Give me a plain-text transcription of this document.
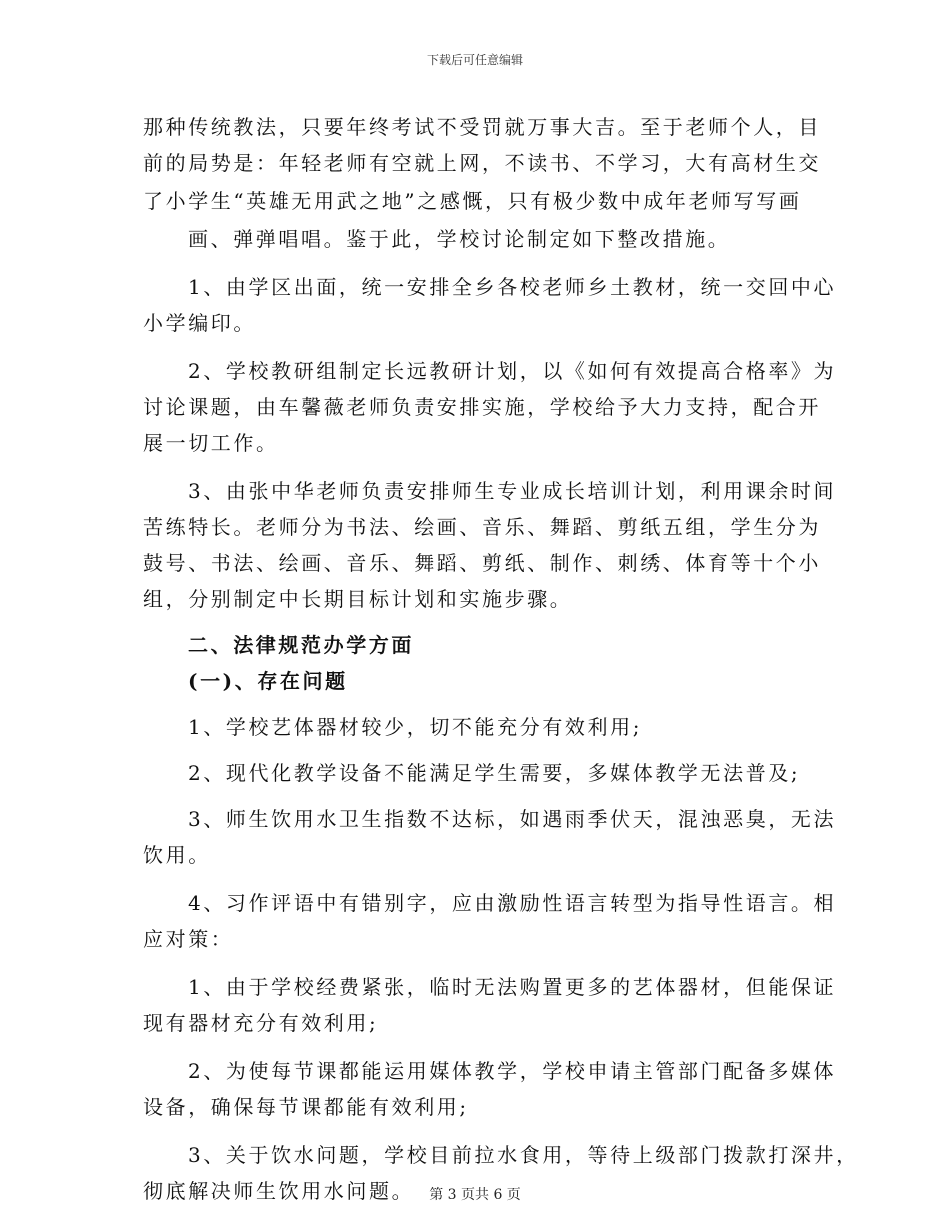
下载后可任意编辑
那种传统教法，只要年终考试不受罚就万事大吉。至于老师个人，目
前的局势是：年轻老师有空就上网，不读书、不学习，大有高材生交
了小学生“英雄无用武之地”之感慨，只有极少数中成年老师写写画
画、弹弹唱唱。鉴于此，学校讨论制定如下整改措施。
1、由学区出面，统一安排全乡各校老师乡土教材，统一交回中心
小学编印。
2、学校教研组制定长远教研计划，以《如何有效提高合格率》为
讨论课题，由车馨薇老师负责安排实施，学校给予大力支持，配合开
展一切工作。
3、由张中华老师负责安排师生专业成长培训计划，利用课余时间
苦练特长。老师分为书法、绘画、音乐、舞蹈、剪纸五组，学生分为
鼓号、书法、绘画、音乐、舞蹈、剪纸、制作、刺绣、体育等十个小
组，分别制定中长期目标计划和实施步骤。
二、法律规范办学方面
(一)、存在问题
1、学校艺体器材较少，切不能充分有效利用;
2、现代化教学设备不能满足学生需要，多媒体教学无法普及;
3、师生饮用水卫生指数不达标，如遇雨季伏天，混浊恶臭，无法
饮用。
4、习作评语中有错别字，应由激励性语言转型为指导性语言。相
应对策：
1、由于学校经费紧张，临时无法购置更多的艺体器材，但能保证
现有器材充分有效利用;
2、为使每节课都能运用媒体教学，学校申请主管部门配备多媒体
设备，确保每节课都能有效利用;
3、关于饮水问题，学校目前拉水食用，等待上级部门拨款打深井，
彻底解决师生饮用水问题。	第 3 页共 6 页
